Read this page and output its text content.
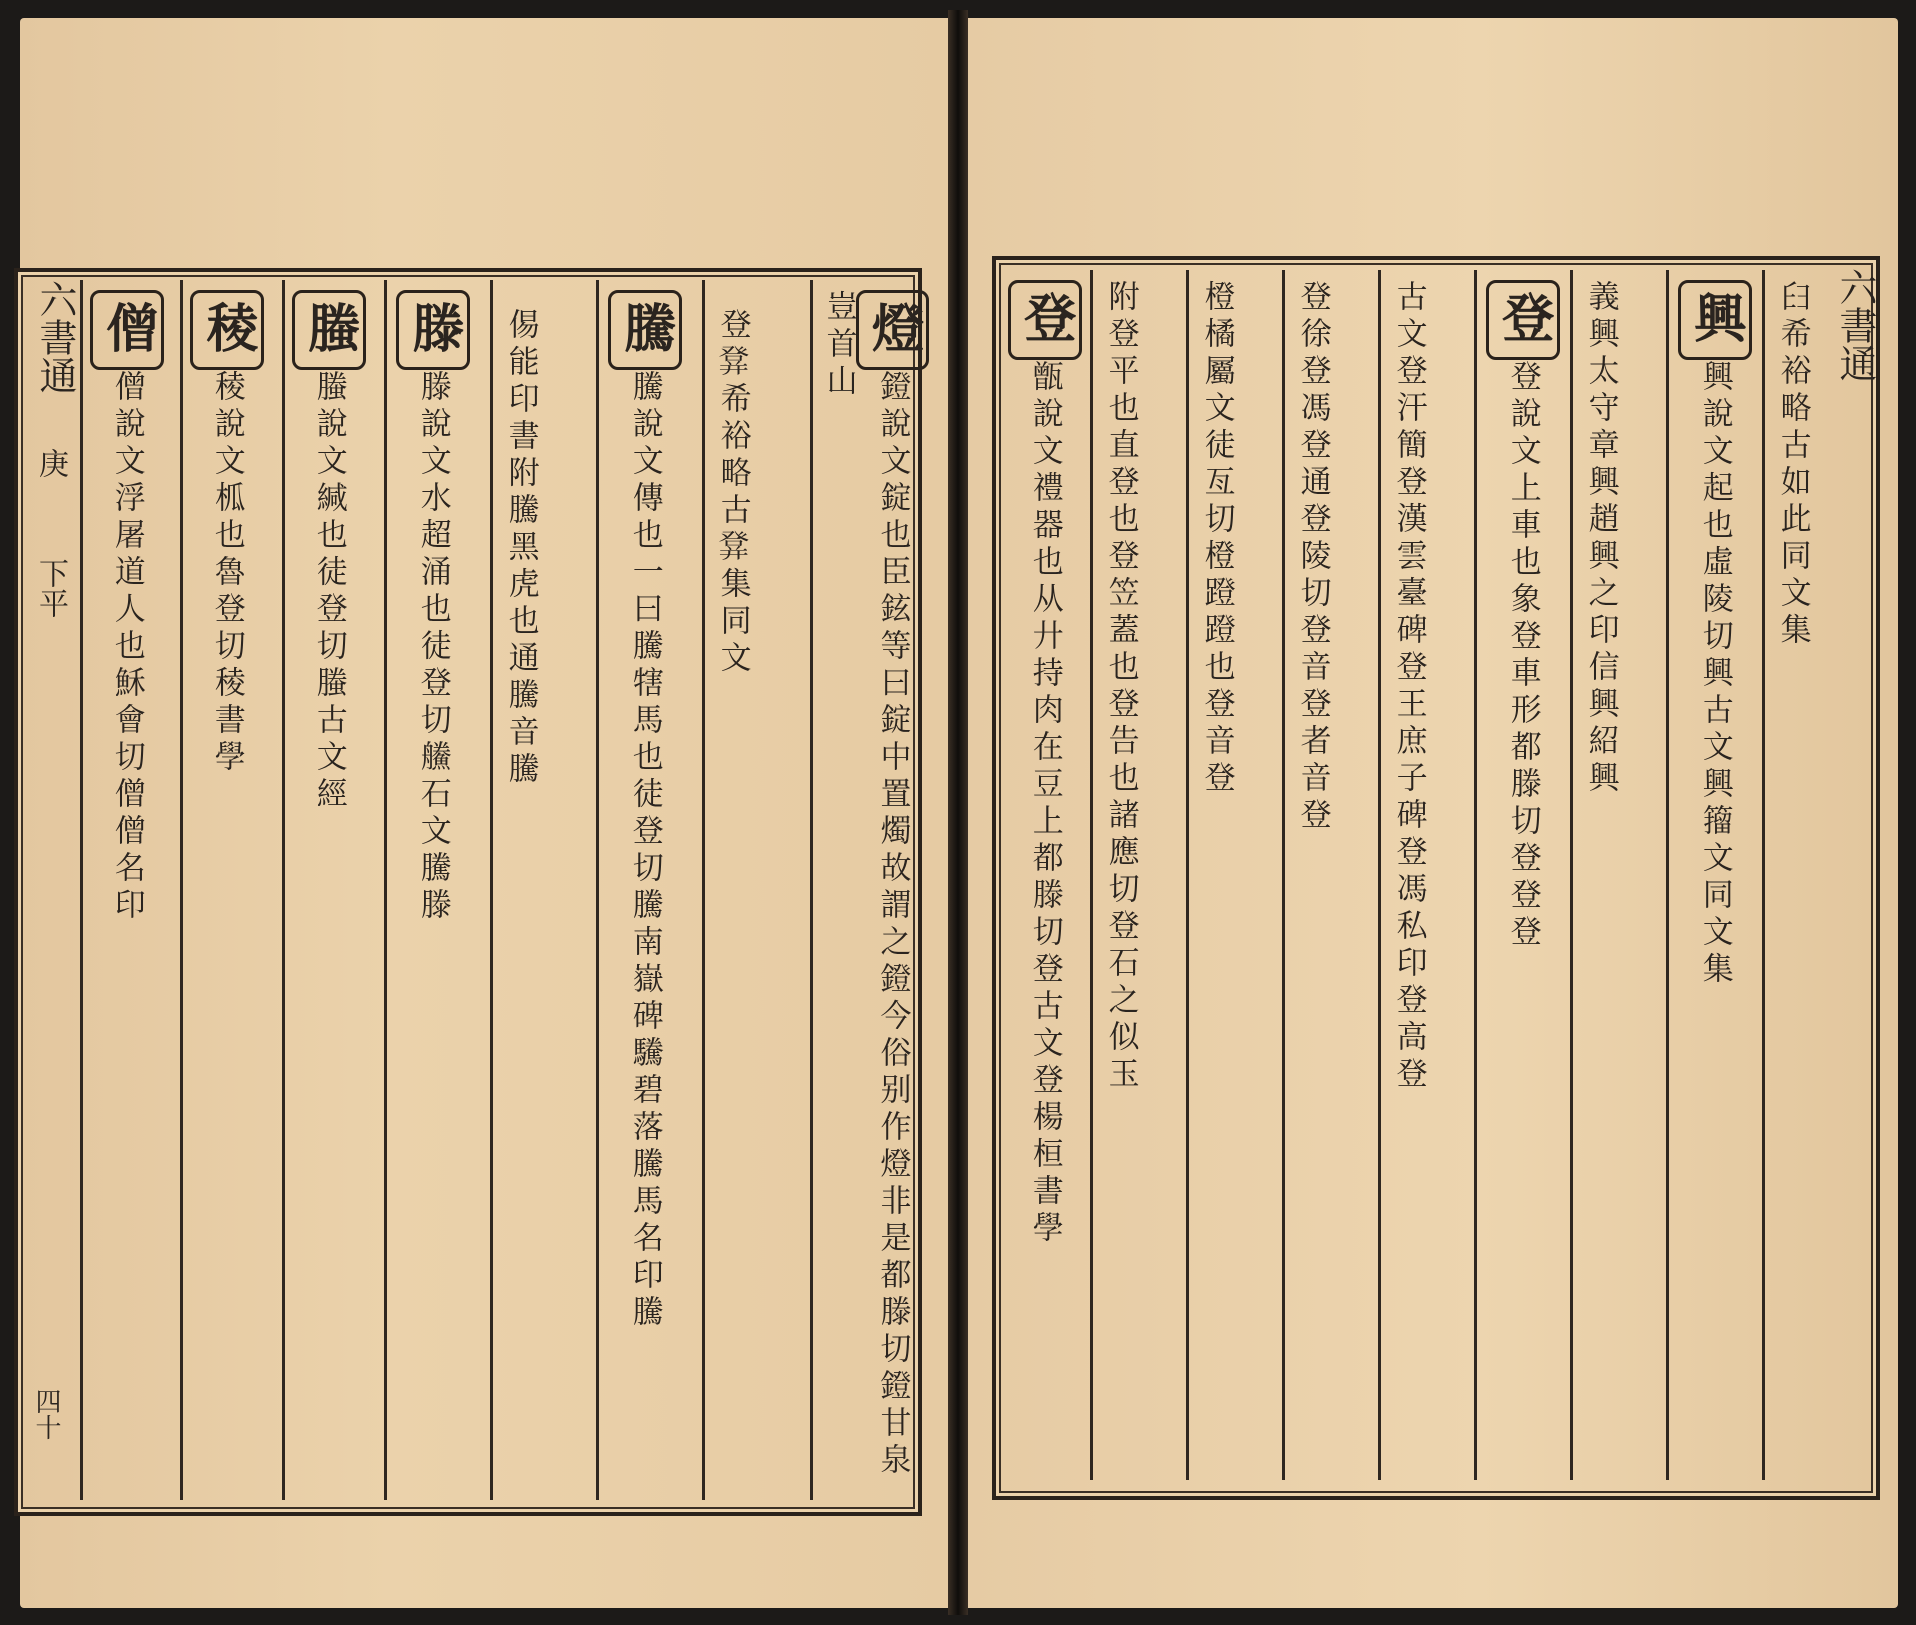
六書通
庚
下平
四十
燈鐙說文錠也臣鉉等曰錠中置燭故謂之鐙今俗别作燈非是都滕切鐙甘泉豈首山
登𤼷希裕略古𤼷集同文
騰騰說文傳也一曰騰犗馬也徒登切騰南嶽碑驣碧落騰馬名印騰
㑥能印書附騰黑虎也通騰音騰
滕滕說文水超涌也徒登切䲍石文騰滕
螣螣說文緘也徒登切螣古文經
稜稜說文柧也魯登切稜書學
僧僧說文浮屠道人也穌會切僧僧名印
六書通
𦥑希裕略古如此同文集
興興說文起也虛陵切興古文興籀文同文集
義興太守章興趙興之印信興紹興
登登說文上車也象登車形都滕切登登登
古文登汗簡登漢雲臺碑登王庶子碑登馮私印登高登
登徐登馮登通登陵切登音登者音登
橙橘屬文徒亙切橙蹬蹬也登音登
附登平也直登也登笠蓋也登告也諸應切登石之似玉
登甑說文禮器也从廾持肉在豆上都滕切登古文登楊桓書學
